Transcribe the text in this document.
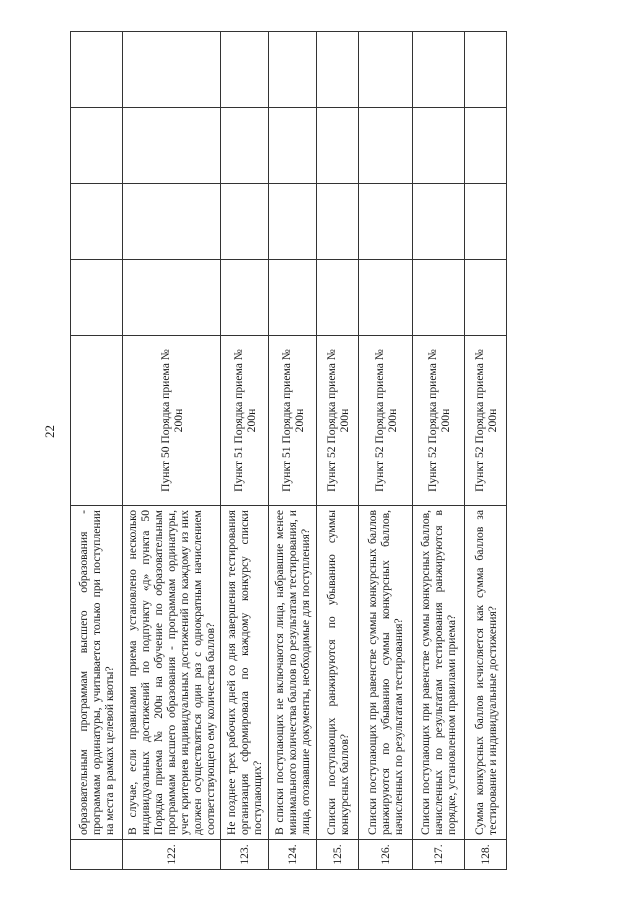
22
	образовательным программам высшего образования - программам ординатуры, учитывается только при поступлении на места в рамках целевой квоты?					
122.	В случае, если правилами приема установлено несколько индивидуальных достижений по подпункту «д» пункта 50 Порядка приема № 200н на обучение по образовательным программам высшего образования - программам ординатуры, учет критериев индивидуальных достижений по каждому из них должен осуществляться один раз с однократным начислением соответствующего ему количества баллов?	Пункт 50 Порядка приема № 200н				
123.	Не позднее трех рабочих дней со дня завершения тестирования организация сформировала по каждому конкурсу списки поступающих?	Пункт 51 Порядка приема № 200н				
124.	В списки поступающих не включаются лица, набравшие менее минимального количества баллов по результатам тестирования, и лица, отозвавшие документы, необходимые для поступления?	Пункт 51 Порядка приема № 200н				
125.	Списки поступающих ранжируются по убыванию суммы конкурсных баллов?	Пункт 52 Порядка приема № 200н				
126.	Списки поступающих при равенстве суммы конкурсных баллов ранжируются по убыванию суммы конкурсных баллов, начисленных по результатам тестирования?	Пункт 52 Порядка приема № 200н				
127.	Списки поступающих при равенстве суммы конкурсных баллов, начисленных по результатам тестирования ранжируются в порядке, установленном правилами приема?	Пункт 52 Порядка приема № 200н				
128.	Сумма конкурсных баллов исчисляется как сумма баллов за тестирование и индивидуальные достижения?	Пункт 52 Порядка приема № 200н				
